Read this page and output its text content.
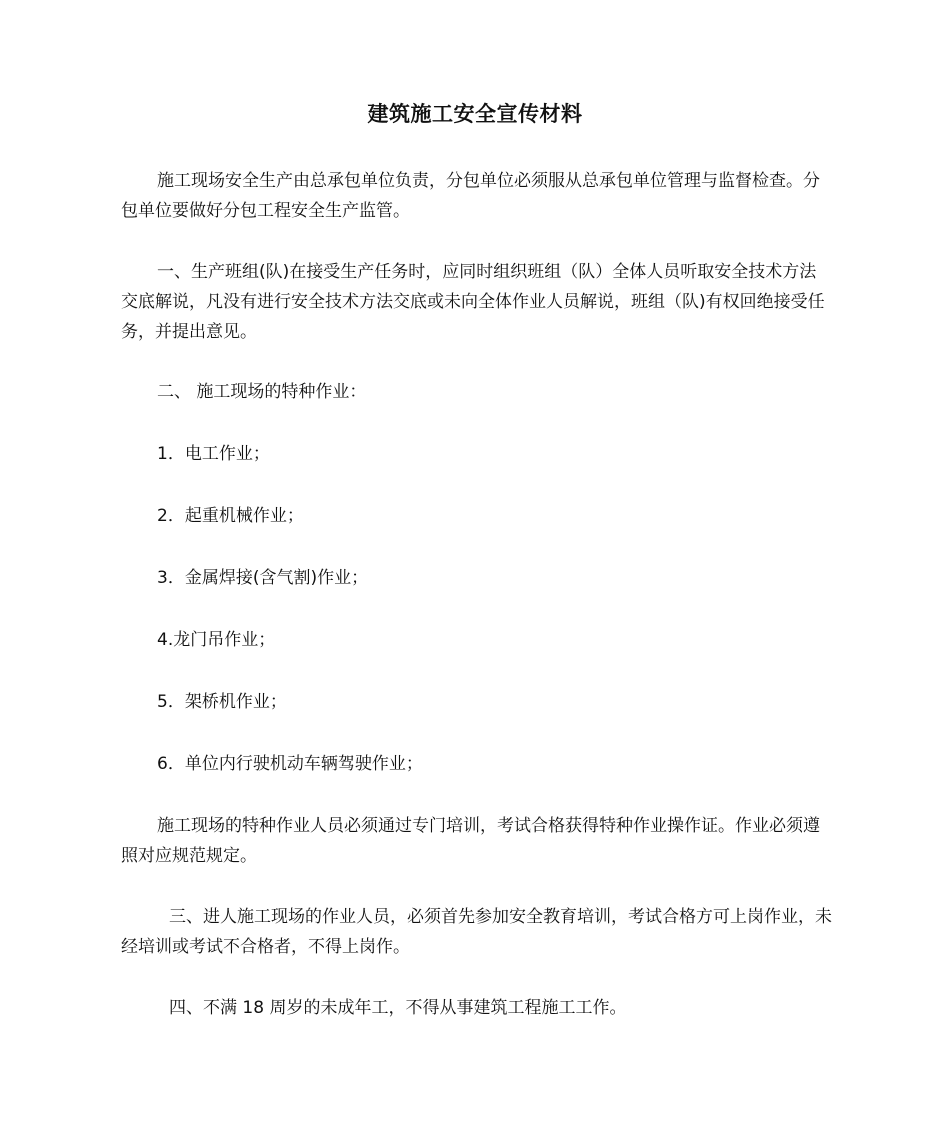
建筑施工安全宣传材料

施工现场安全生产由总承包单位负责，分包单位必须服从总承包单位管理与监督检查。分包单位要做好分包工程安全生产监管。

一、生产班组(队)在接受生产任务时，应同时组织班组（队）全体人员听取安全技术方法交底解说，凡没有进行安全技术方法交底或未向全体作业人员解说，班组（队)有权回绝接受任务，并提出意见。

二、 施工现场的特种作业：

1．电工作业；

2．起重机械作业；

3．金属焊接(含气割)作业；

4.龙门吊作业；

5．架桥机作业；

6．单位内行驶机动车辆驾驶作业；

施工现场的特种作业人员必须通过专门培训，考试合格获得特种作业操作证。作业必须遵照对应规范规定。

三、进人施工现场的作业人员，必须首先参加安全教育培训，考试合格方可上岗作业，未经培训或考试不合格者，不得上岗作。

四、不满 18 周岁的未成年工，不得从事建筑工程施工工作。
